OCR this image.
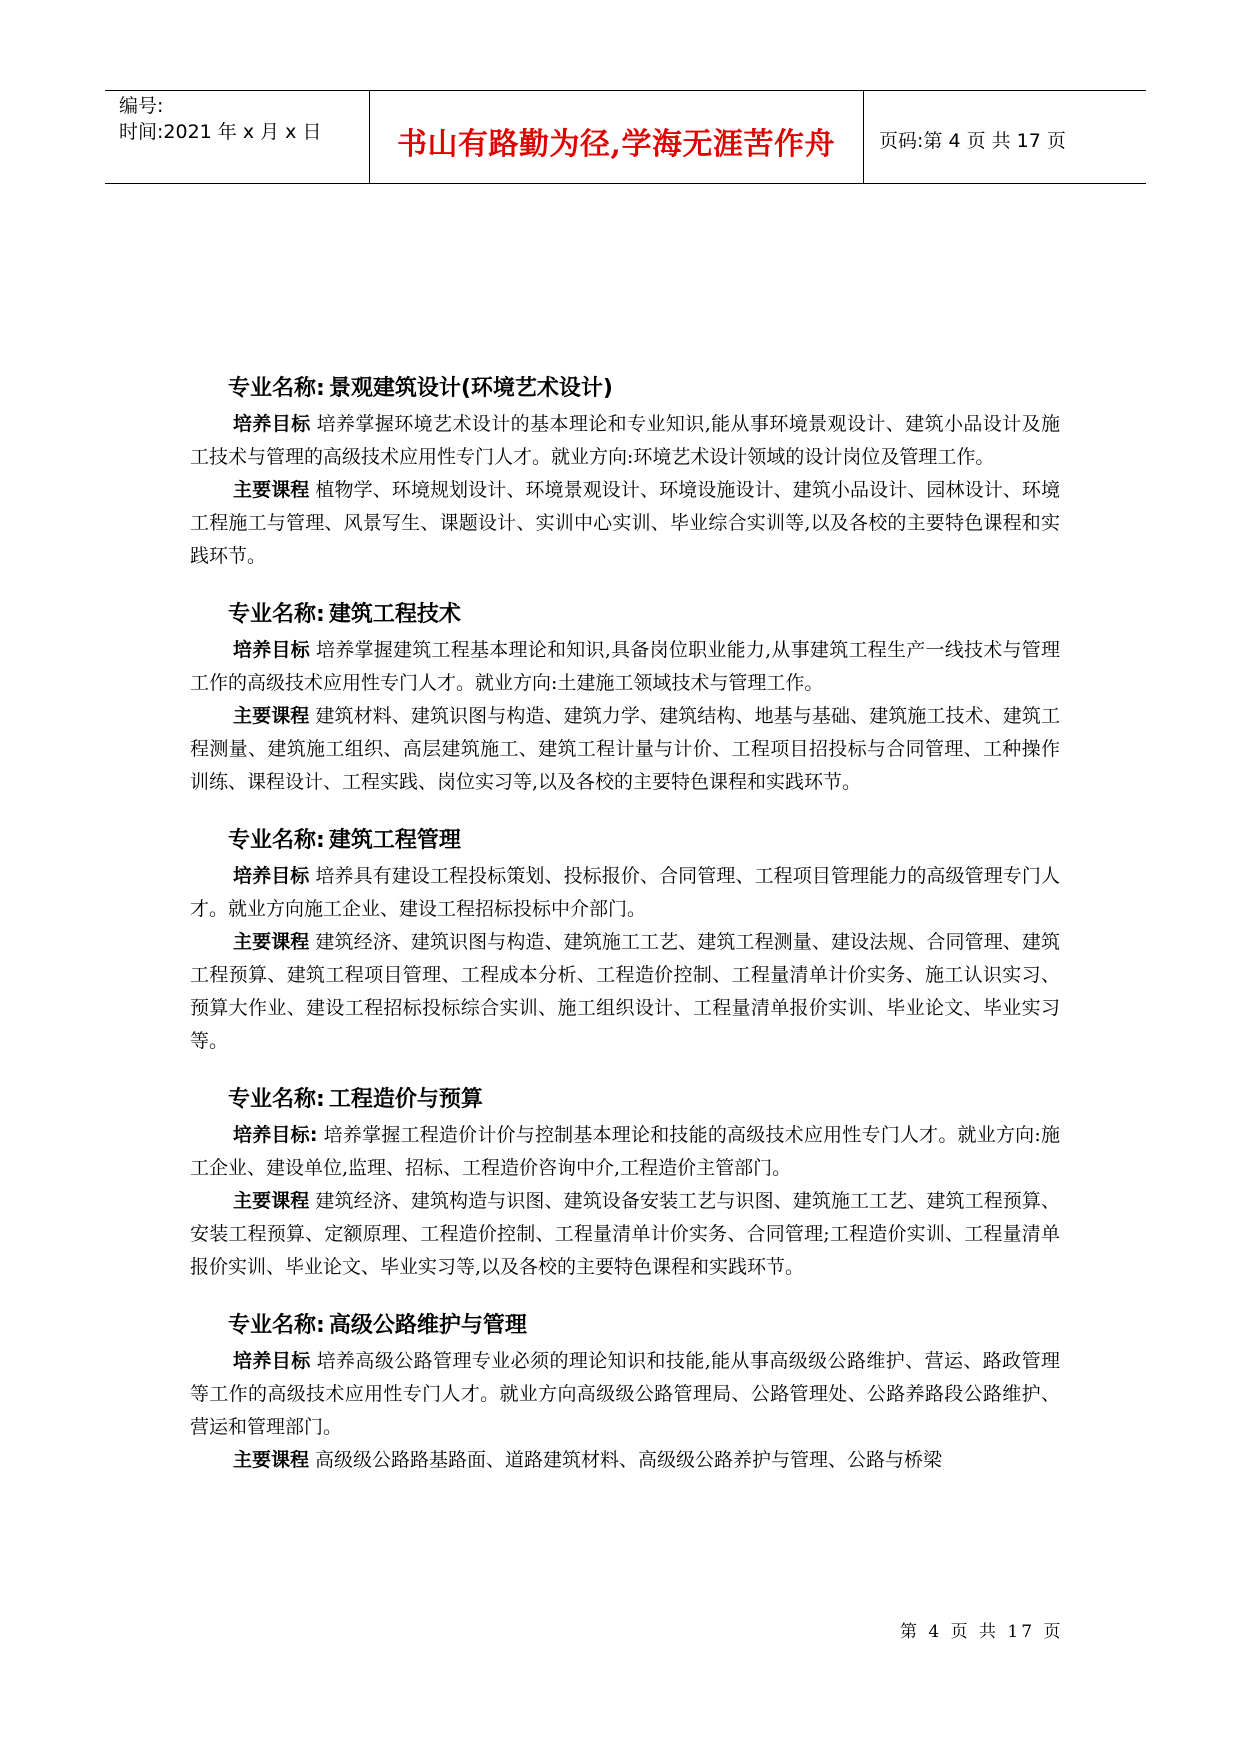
编号:
时间:2021 年 x 月 x 日	书山有路勤为径,学海无涯苦作舟 页码:第 4 页 共 17 页
专业名称: 景观建筑设计(环境艺术设计)
培养目标 培养掌握环境艺术设计的基本理论和专业知识,能从事环境景观设计、建筑小品设计及施工技术与管理的高级技术应用性专门人才。就业方向:环境艺术设计领域的设计岗位及管理工作。
主要课程 植物学、环境规划设计、环境景观设计、环境设施设计、建筑小品设计、园林设计、环境工程施工与管理、风景写生、课题设计、实训中心实训、毕业综合实训等,以及各校的主要特色课程和实践环节。
专业名称: 建筑工程技术
培养目标 培养掌握建筑工程基本理论和知识,具备岗位职业能力,从事建筑工程生产一线技术与管理工作的高级技术应用性专门人才。就业方向:土建施工领域技术与管理工作。
主要课程 建筑材料、建筑识图与构造、建筑力学、建筑结构、地基与基础、建筑施工技术、建筑工程测量、建筑施工组织、高层建筑施工、建筑工程计量与计价、工程项目招投标与合同管理、工种操作训练、课程设计、工程实践、岗位实习等,以及各校的主要特色课程和实践环节。
专业名称: 建筑工程管理
培养目标 培养具有建设工程投标策划、投标报价、合同管理、工程项目管理能力的高级管理专门人才。就业方向施工企业、建设工程招标投标中介部门。
主要课程 建筑经济、建筑识图与构造、建筑施工工艺、建筑工程测量、建设法规、合同管理、建筑工程预算、建筑工程项目管理、工程成本分析、工程造价控制、工程量清单计价实务、施工认识实习、预算大作业、建设工程招标投标综合实训、施工组织设计、工程量清单报价实训、毕业论文、毕业实习等。
专业名称: 工程造价与预算
培养目标: 培养掌握工程造价计价与控制基本理论和技能的高级技术应用性专门人才。就业方向:施工企业、建设单位,监理、招标、工程造价咨询中介,工程造价主管部门。
主要课程 建筑经济、建筑构造与识图、建筑设备安装工艺与识图、建筑施工工艺、建筑工程预算、 安装工程预算、定额原理、工程造价控制、工程量清单计价实务、合同管理;工程造价实训、工程量清单报价实训、毕业论文、毕业实习等,以及各校的主要特色课程和实践环节。
专业名称: 高级公路维护与管理
培养目标 培养高级公路管理专业必须的理论知识和技能,能从事高级级公路维护、营运、路政管理等工作的高级技术应用性专门人才。就业方向高级级公路管理局、公路管理处、公路养路段公路维护、营运和管理部门。
主要课程 高级级公路路基路面、道路建筑材料、高级级公路养护与管理、公路与桥梁
第 4 页 共 17 页
